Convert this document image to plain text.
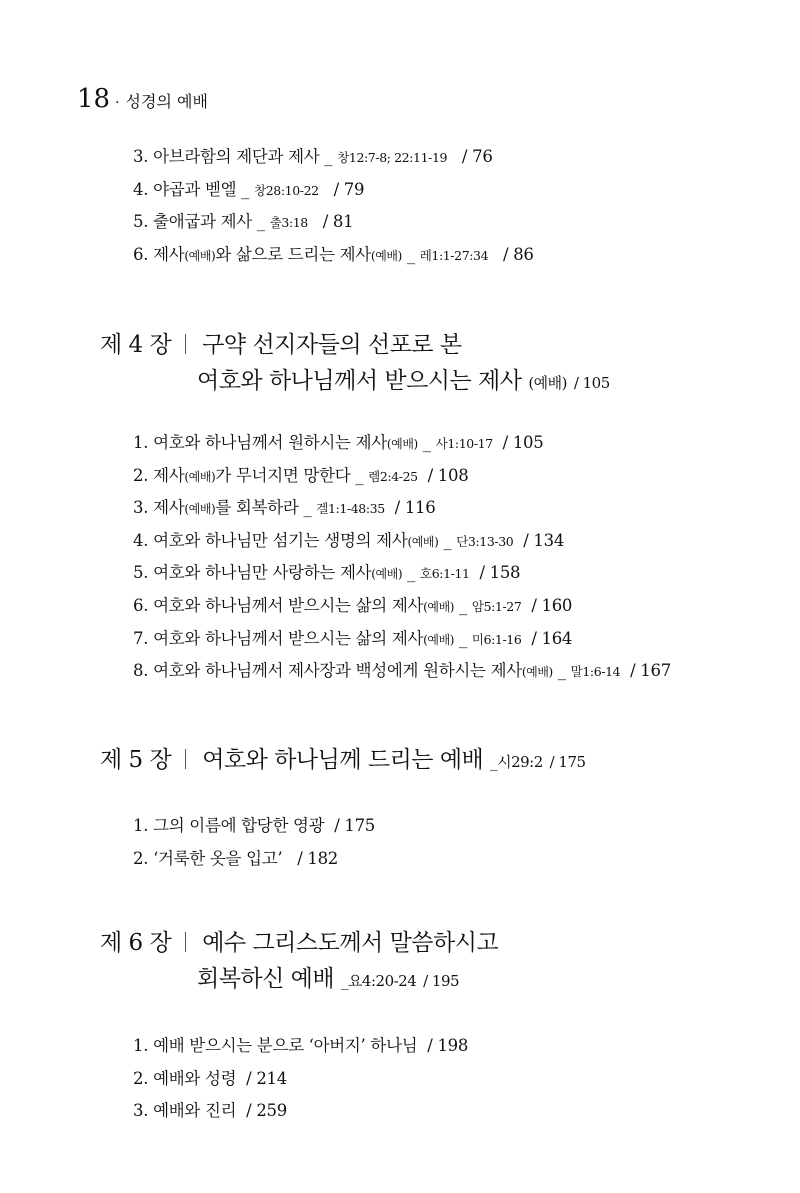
18 · 성경의 예배
3. 아브라함의 제단과 제사 _ 창12:7-8; 22:11-19 / 76
4. 야곱과 벧엘 _ 창28:10-22 / 79
5. 출애굽과 제사 _ 출3:18 / 81
6. 제사(예배)와 삶으로 드리는 제사(예배) _ 레1:1-27:34 / 86
제 4 장 구약 선지자들의 선포로 본
여호와 하나님께서 받으시는 제사 (예배) / 105
1. 여호와 하나님께서 원하시는 제사(예배) _ 사1:10-17 / 105
2. 제사(예배)가 무너지면 망한다 _ 렘2:4-25 / 108
3. 제사(예배)를 회복하라 _ 겔1:1-48:35 / 116
4. 여호와 하나님만 섬기는 생명의 제사(예배) _ 단3:13-30 / 134
5. 여호와 하나님만 사랑하는 제사(예배) _ 호6:1-11 / 158
6. 여호와 하나님께서 받으시는 삶의 제사(예배) _ 암5:1-27 / 160
7. 여호와 하나님께서 받으시는 삶의 제사(예배) _ 미6:1-16 / 164
8. 여호와 하나님께서 제사장과 백성에게 원하시는 제사(예배) _ 말1:6-14 / 167
제 5 장 여호와 하나님께 드리는 예배 _시29:2 / 175
1. 그의 이름에 합당한 영광 / 175
2. ‘거룩한 옷을 입고’ / 182
제 6 장 예수 그리스도께서 말씀하시고
회복하신 예배 _요4:20-24 / 195
1. 예배 받으시는 분으로 ‘아버지’ 하나님 / 198
2. 예배와 성령 / 214
3. 예배와 진리 / 259
